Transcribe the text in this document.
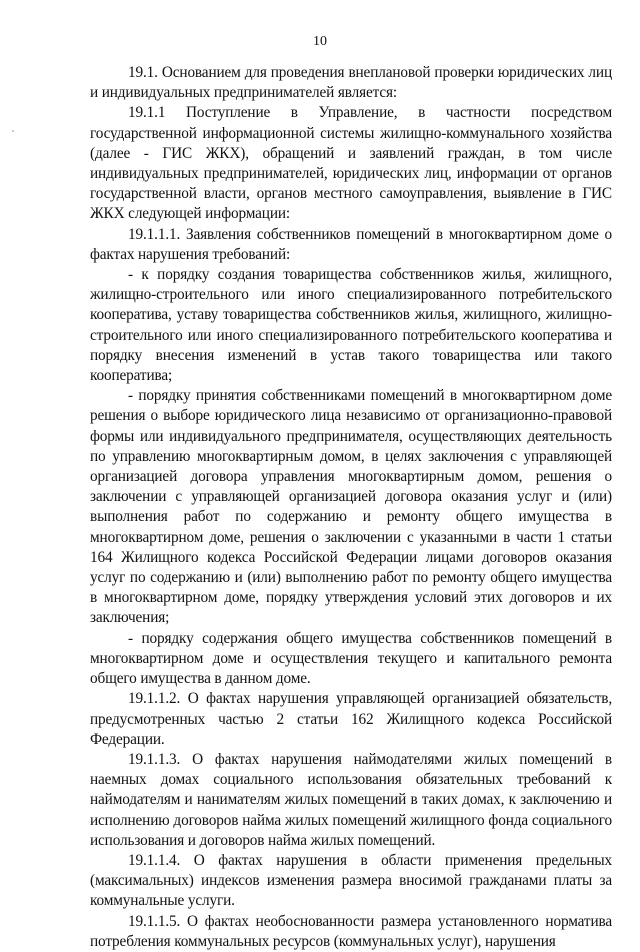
10

19.1. Основанием для проведения внеплановой проверки юридических лиц и индивидуальных предпринимателей является:

19.1.1 Поступление в Управление, в частности посредством государственной информационной системы жилищно-коммунального хозяйства (далее - ГИС ЖКХ), обращений и заявлений граждан, в том числе индивидуальных предпринимателей, юридических лиц, информации от органов государственной власти, органов местного самоуправления, выявление в ГИС ЖКХ следующей информации:

19.1.1.1. Заявления собственников помещений в многоквартирном доме о фактах нарушения требований:

- к порядку создания товарищества собственников жилья, жилищного, жилищно-строительного или иного специализированного потребительского кооператива, уставу товарищества собственников жилья, жилищного, жилищно-строительного или иного специализированного потребительского кооператива и порядку внесения изменений в устав такого товарищества или такого кооператива;

- порядку принятия собственниками помещений в многоквартирном доме решения о выборе юридического лица независимо от организационно-правовой формы или индивидуального предпринимателя, осуществляющих деятельность по управлению многоквартирным домом, в целях заключения с управляющей организацией договора управления многоквартирным домом, решения о заключении с управляющей организацией договора оказания услуг и (или) выполнения работ по содержанию и ремонту общего имущества в многоквартирном доме, решения о заключении с указанными в части 1 статьи 164 Жилищного кодекса Российской Федерации лицами договоров оказания услуг по содержанию и (или) выполнению работ по ремонту общего имущества в многоквартирном доме, порядку утверждения условий этих договоров и их заключения;

- порядку содержания общего имущества собственников помещений в многоквартирном доме и осуществления текущего и капитального ремонта общего имущества в данном доме.

19.1.1.2. О фактах нарушения управляющей организацией обязательств, предусмотренных частью 2 статьи 162 Жилищного кодекса Российской Федерации.

19.1.1.3. О фактах нарушения наймодателями жилых помещений в наемных домах социального использования обязательных требований к наймодателям и нанимателям жилых помещений в таких домах, к заключению и исполнению договоров найма жилых помещений жилищного фонда социального использования и договоров найма жилых помещений.

19.1.1.4. О фактах нарушения в области применения предельных (максимальных) индексов изменения размера вносимой гражданами платы за коммунальные услуги.

19.1.1.5. О фактах необоснованности размера установленного норматива потребления коммунальных ресурсов (коммунальных услуг), нарушения
